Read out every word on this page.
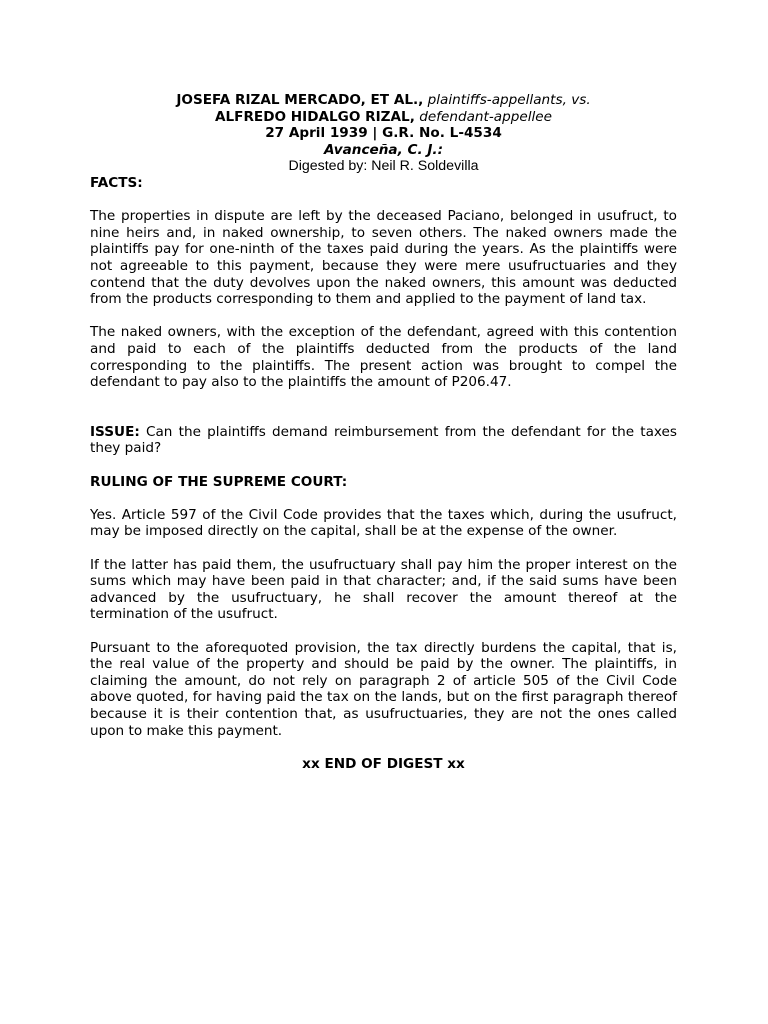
JOSEFA RIZAL MERCADO, ET AL., plaintiffs-appellants, vs.

ALFREDO HIDALGO RIZAL, defendant-appellee

27 April 1939 | G.R. No. L-4534

Avanceña, C. J.:

Digested by: Neil R. Soldevilla

FACTS:

The properties in dispute are left by the deceased Paciano, belonged in usufruct, to nine heirs and, in naked ownership, to seven others. The naked owners made the plaintiffs pay for one-ninth of the taxes paid during the years. As the plaintiffs were not agreeable to this payment, because they were mere usufructuaries and they contend that the duty devolves upon the naked owners, this amount was deducted from the products corresponding to them and applied to the payment of land tax.

The naked owners, with the exception of the defendant, agreed with this contention and paid to each of the plaintiffs deducted from the products of the land corresponding to the plaintiffs. The present action was brought to compel the defendant to pay also to the plaintiffs the amount of P206.47.

ISSUE: Can the plaintiffs demand reimbursement from the defendant for the taxes they paid?

RULING OF THE SUPREME COURT:

Yes. Article 597 of the Civil Code provides that the taxes which, during the usufruct, may be imposed directly on the capital, shall be at the expense of the owner.

If the latter has paid them, the usufructuary shall pay him the proper interest on the sums which may have been paid in that character; and, if the said sums have been advanced by the usufructuary, he shall recover the amount thereof at the termination of the usufruct.

Pursuant to the aforequoted provision, the tax directly burdens the capital, that is, the real value of the property and should be paid by the owner. The plaintiffs, in claiming the amount, do not rely on paragraph 2 of article 505 of the Civil Code above quoted, for having paid the tax on the lands, but on the first paragraph thereof because it is their contention that, as usufructuaries, they are not the ones called upon to make this payment.

xx END OF DIGEST xx
